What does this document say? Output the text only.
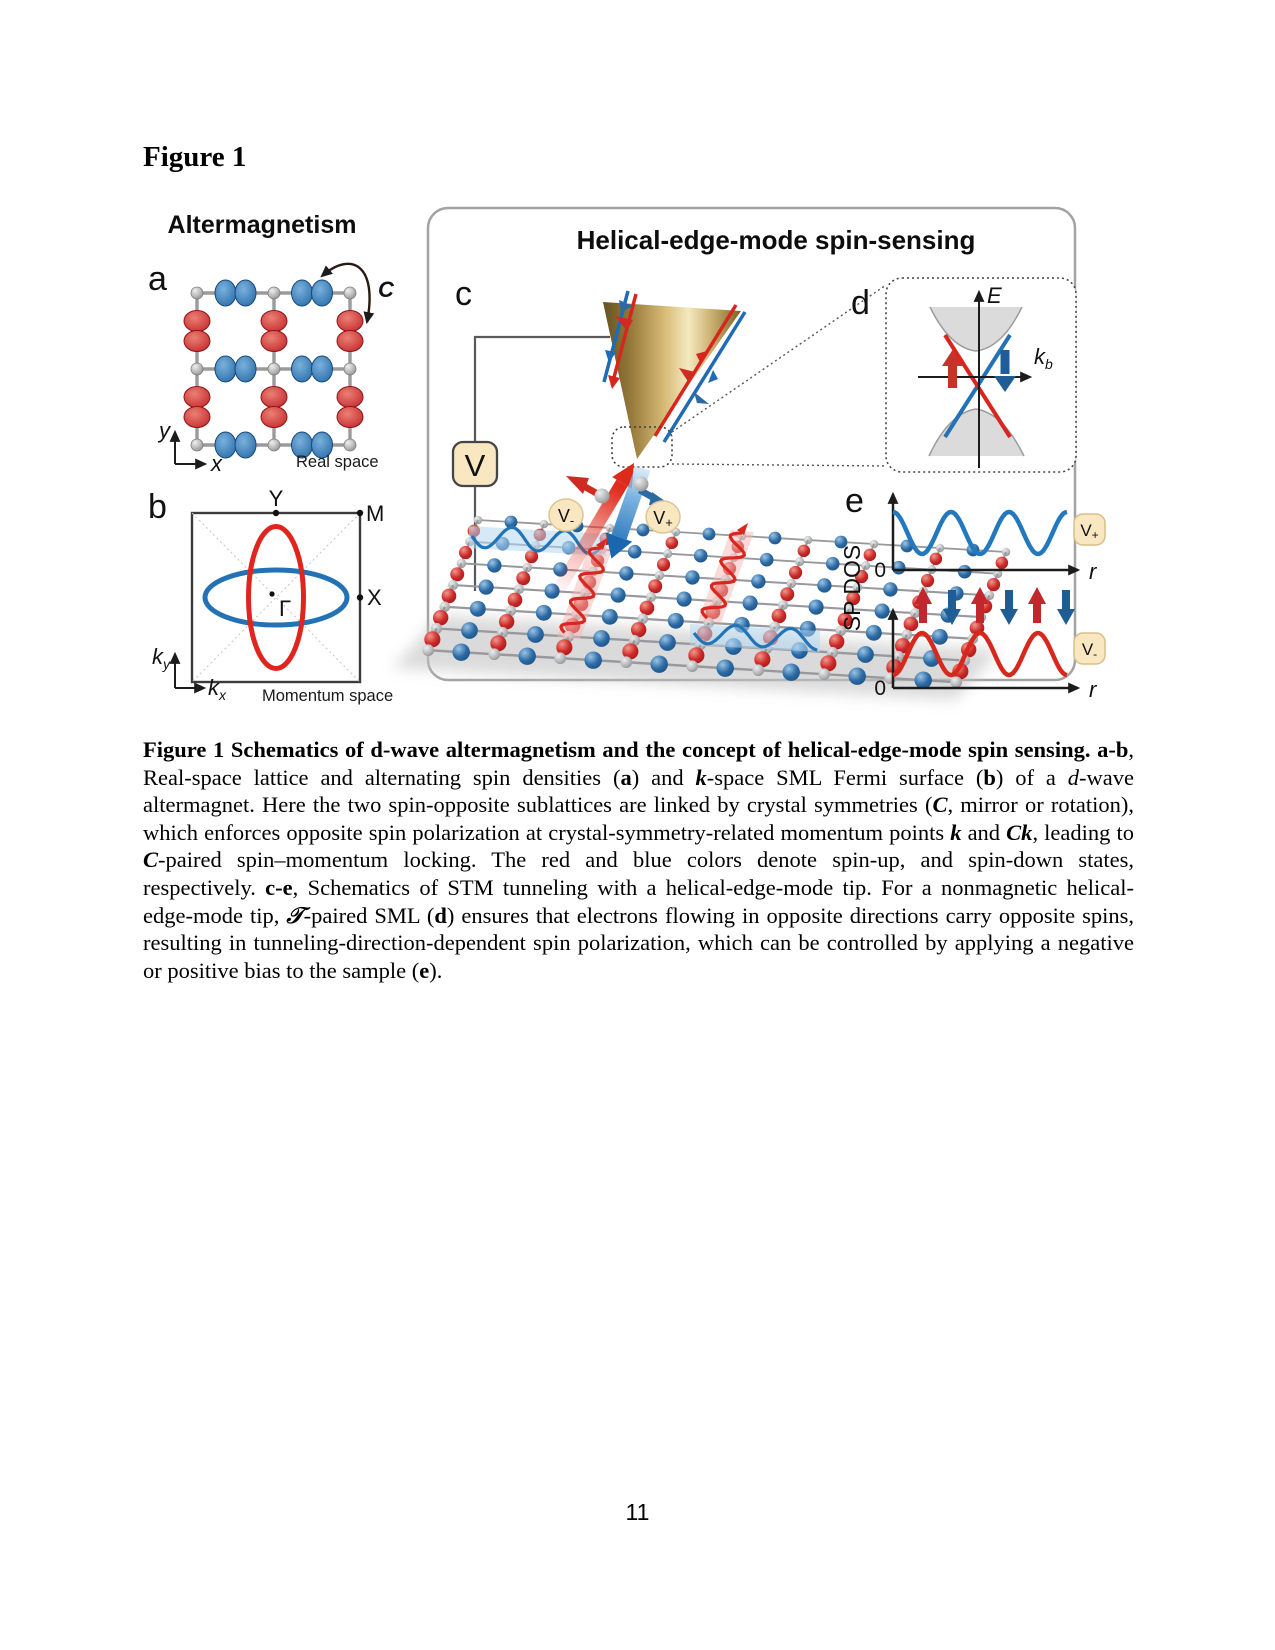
Figure 1
Altermagnetism
a	C
y
x	Real space
b	Y
M
X
Γ
$k_y$
$k_x$ Momentum space
Helical-edge-mode spin-sensing
c
V
V-	V+
d	E
$k_b$
e
SP DOS 0	r
V+
0	r
V-
Figure 1 Schematics of d-wave altermagnetism and the concept of helical-edge-mode spin sensing. a-b, Real-space lattice and alternating spin densities (a) and k-space SML Fermi surface (b) of a d-wave altermagnet. Here the two spin-opposite sublattices are linked by crystal symmetries (C, mirror or rotation), which enforces opposite spin polarization at crystal-symmetry-related momentum points k and Ck, leading to C-paired spin–momentum locking. The red and blue colors denote spin-up, and spin-down states, respectively. c-e, Schematics of STM tunneling with a helical-edge-mode tip. For a nonmagnetic helical-edge-mode tip, 𝒯-paired SML (d) ensures that electrons flowing in opposite directions carry opposite spins, resulting in tunneling-direction-dependent spin polarization, which can be controlled by applying a negative or positive bias to the sample (e).
11
